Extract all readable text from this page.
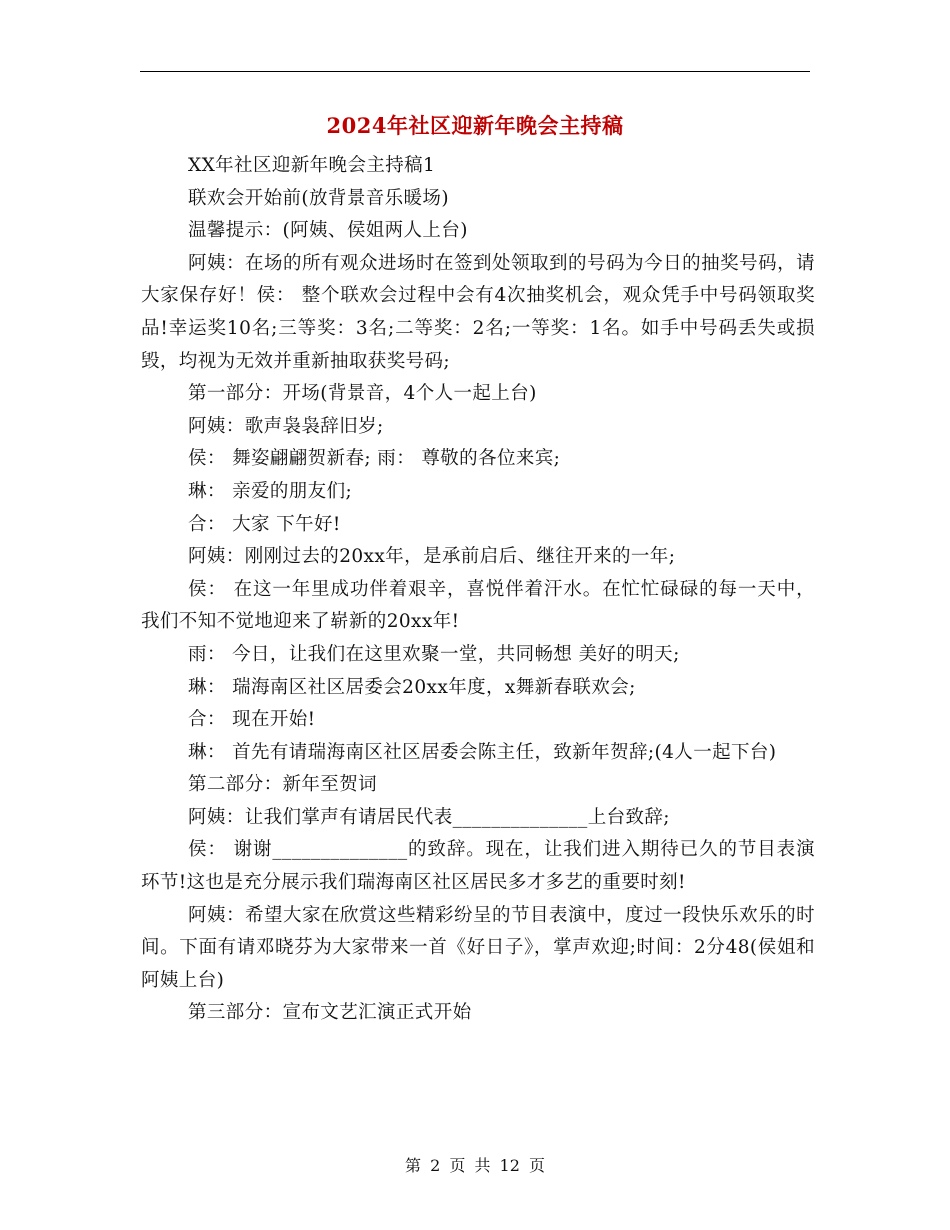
2024年社区迎新年晚会主持稿

XX年社区迎新年晚会主持稿1

联欢会开始前(放背景音乐暖场)

温馨提示：(阿姨、侯姐两人上台)

阿姨：在场的所有观众进场时在签到处领取到的号码为今日的抽奖号码，请大家保存好！侯： 整个联欢会过程中会有4次抽奖机会，观众凭手中号码领取奖品!幸运奖10名;三等奖：3名;二等奖：2名;一等奖：1名。如手中号码丢失或损毁，均视为无效并重新抽取获奖号码;

第一部分：开场(背景音，4个人一起上台)

阿姨：歌声袅袅辞旧岁;

侯： 舞姿翩翩贺新春; 雨： 尊敬的各位来宾;

琳： 亲爱的朋友们;

合： 大家 下午好!

阿姨：刚刚过去的20xx年，是承前启后、继往开来的一年;

侯： 在这一年里成功伴着艰辛，喜悦伴着汗水。在忙忙碌碌的每一天中，我们不知不觉地迎来了崭新的20xx年!

雨： 今日，让我们在这里欢聚一堂，共同畅想 美好的明天;

琳： 瑞海南区社区居委会20xx年度，x舞新春联欢会;

合： 现在开始!

琳： 首先有请瑞海南区社区居委会陈主任，致新年贺辞;(4人一起下台)

第二部分：新年至贺词

阿姨：让我们掌声有请居民代表______________上台致辞;

侯： 谢谢______________的致辞。现在，让我们进入期待已久的节目表演环节!这也是充分展示我们瑞海南区社区居民多才多艺的重要时刻!

阿姨：希望大家在欣赏这些精彩纷呈的节目表演中，度过一段快乐欢乐的时间。下面有请邓晓芬为大家带来一首《好日子》，掌声欢迎;时间：2分48(侯姐和阿姨上台)

第三部分：宣布文艺汇演正式开始

第 2 页 共 12 页
